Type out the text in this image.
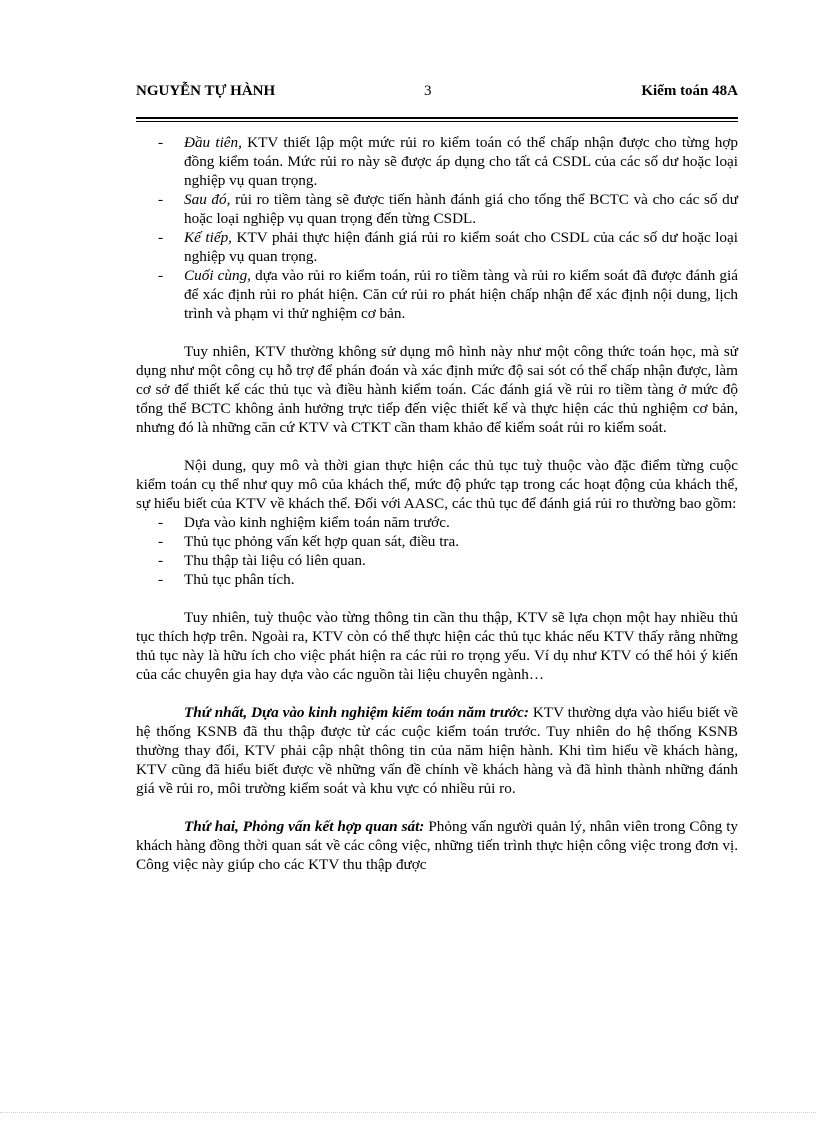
NGUYỄN TỰ HÀNH	3	Kiểm toán 48A
- Đầu tiên, KTV thiết lập một mức rủi ro kiểm toán có thể chấp nhận được cho từng hợp đồng kiểm toán. Mức rủi ro này sẽ được áp dụng cho tất cả CSDL của các số dư hoặc loại nghiệp vụ quan trọng.
- Sau đó, rủi ro tiềm tàng sẽ được tiến hành đánh giá cho tổng thể BCTC và cho các số dư hoặc loại nghiệp vụ quan trọng đến từng CSDL.
- Kế tiếp, KTV phải thực hiện đánh giá rủi ro kiểm soát cho CSDL của các số dư hoặc loại nghiệp vụ quan trọng.
- Cuối cùng, dựa vào rủi ro kiểm toán, rủi ro tiềm tàng và rủi ro kiểm soát đã được đánh giá để xác định rủi ro phát hiện. Căn cứ rủi ro phát hiện chấp nhận để xác định nội dung, lịch trình và phạm vi thử nghiệm cơ bản.

Tuy nhiên, KTV thường không sử dụng mô hình này như một công thức toán học, mà sử dụng như một công cụ hỗ trợ để phán đoán và xác định mức độ sai sót có thể chấp nhận được, làm cơ sở để thiết kế các thủ tục và điều hành kiểm toán. Các đánh giá về rủi ro tiềm tàng ở mức độ tổng thể BCTC không ảnh hưởng trực tiếp đến việc thiết kế và thực hiện các thủ nghiệm cơ bản, nhưng đó là những căn cứ KTV và CTKT cần tham khảo để kiểm soát rủi ro kiểm soát.

Nội dung, quy mô và thời gian thực hiện các thủ tục tuỳ thuộc vào đặc điểm từng cuộc kiểm toán cụ thể như quy mô của khách thể, mức độ phức tạp trong các hoạt động của khách thể, sự hiểu biết của KTV về khách thể. Đối với AASC, các thủ tục để đánh giá rủi ro thường bao gồm:

- Dựa vào kinh nghiệm kiểm toán năm trước.
- Thủ tục phỏng vấn kết hợp quan sát, điều tra.
- Thu thập tài liệu có liên quan.
- Thủ tục phân tích.

Tuy nhiên, tuỳ thuộc vào từng thông tin cần thu thập, KTV sẽ lựa chọn một hay nhiều thủ tục thích hợp trên. Ngoài ra, KTV còn có thể thực hiện các thủ tục khác nếu KTV thấy rằng những thủ tục này là hữu ích cho việc phát hiện ra các rủi ro trọng yếu. Ví dụ như KTV có thể hỏi ý kiến của các chuyên gia hay dựa vào các nguồn tài liệu chuyên ngành…

Thứ nhất, Dựa vào kinh nghiệm kiểm toán năm trước: KTV thường dựa vào hiểu biết về hệ thống KSNB đã thu thập được từ các cuộc kiểm toán trước. Tuy nhiên do hệ thống KSNB thường thay đổi, KTV phải cập nhật thông tin của năm hiện hành. Khi tìm hiểu về khách hàng, KTV cũng đã hiểu biết được về những vấn đề chính về khách hàng và đã hình thành những đánh giá về rủi ro, môi trường kiểm soát và khu vực có nhiều rủi ro.

Thứ hai, Phỏng vấn kết hợp quan sát: Phỏng vấn người quản lý, nhân viên trong Công ty khách hàng đồng thời quan sát về các công việc, những tiến trình thực hiện công việc trong đơn vị. Công việc này giúp cho các KTV thu thập được
